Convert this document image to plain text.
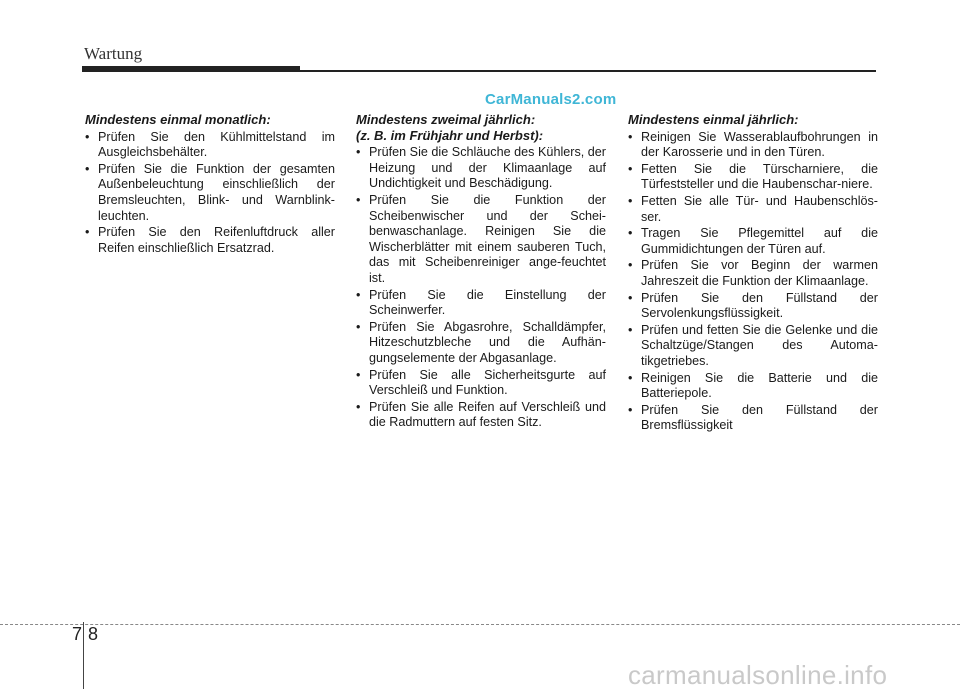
Wartung
CarManuals2.com
Mindestens einmal monatlich:
• Prüfen Sie den Kühlmittelstand im Ausgleichsbehälter.
• Prüfen Sie die Funktion der gesamten Außenbeleuchtung einschließlich der Bremsleuchten, Blink- und Warnblink-leuchten.
• Prüfen Sie den Reifenluftdruck aller Reifen einschließlich Ersatzrad.
Mindestens zweimal jährlich:
(z. B. im Frühjahr und Herbst):
• Prüfen Sie die Schläuche des Kühlers, der Heizung und der Klimaanlage auf Undichtigkeit und Beschädigung.
• Prüfen Sie die Funktion der Scheibenwischer und der Schei-benwaschanlage. Reinigen Sie die Wischerblätter mit einem sauberen Tuch, das mit Scheibenreiniger ange-feuchtet ist.
• Prüfen Sie die Einstellung der Scheinwerfer.
• Prüfen Sie Abgasrohre, Schalldämpfer, Hitzeschutzbleche und die Aufhän-gungselemente der Abgasanlage.
• Prüfen Sie alle Sicherheitsgurte auf Verschleiß und Funktion.
• Prüfen Sie alle Reifen auf Verschleiß und die Radmuttern auf festen Sitz.
Mindestens einmal jährlich:
• Reinigen Sie Wasserablaufbohrungen in der Karosserie und in den Türen.
• Fetten Sie die Türscharniere, die Türfeststeller und die Haubenschar-niere.
• Fetten Sie alle Tür- und Haubenschlös-ser.
• Tragen Sie Pflegemittel auf die Gummidichtungen der Türen auf.
• Prüfen Sie vor Beginn der warmen Jahreszeit die Funktion der Klimaanlage.
• Prüfen Sie den Füllstand der Servolenkungsflüssigkeit.
• Prüfen und fetten Sie die Gelenke und die Schaltzüge/Stangen des Automa-tikgetriebes.
• Reinigen Sie die Batterie und die Batteriepole.
• Prüfen Sie den Füllstand der Bremsflüssigkeit
7 8
carmanualsonline.info
